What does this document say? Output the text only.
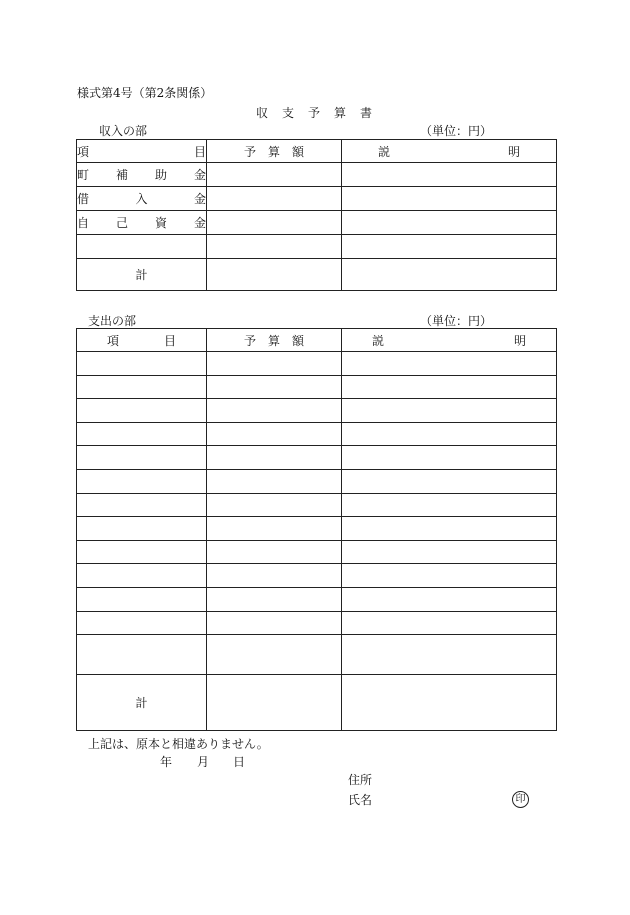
様式第4号（第2条関係）
収　支　予　算　書
収入の部	（単位：円）
項 目	予　算　額	説 明

町 補 助 金		

借 入 金		

自 己 資 金		

計		
支出の部	（単位：円）
項 目	予　算　額	説 明

計		
上記は、原本と相違ありません。
年 月 日
住所
氏名	印
